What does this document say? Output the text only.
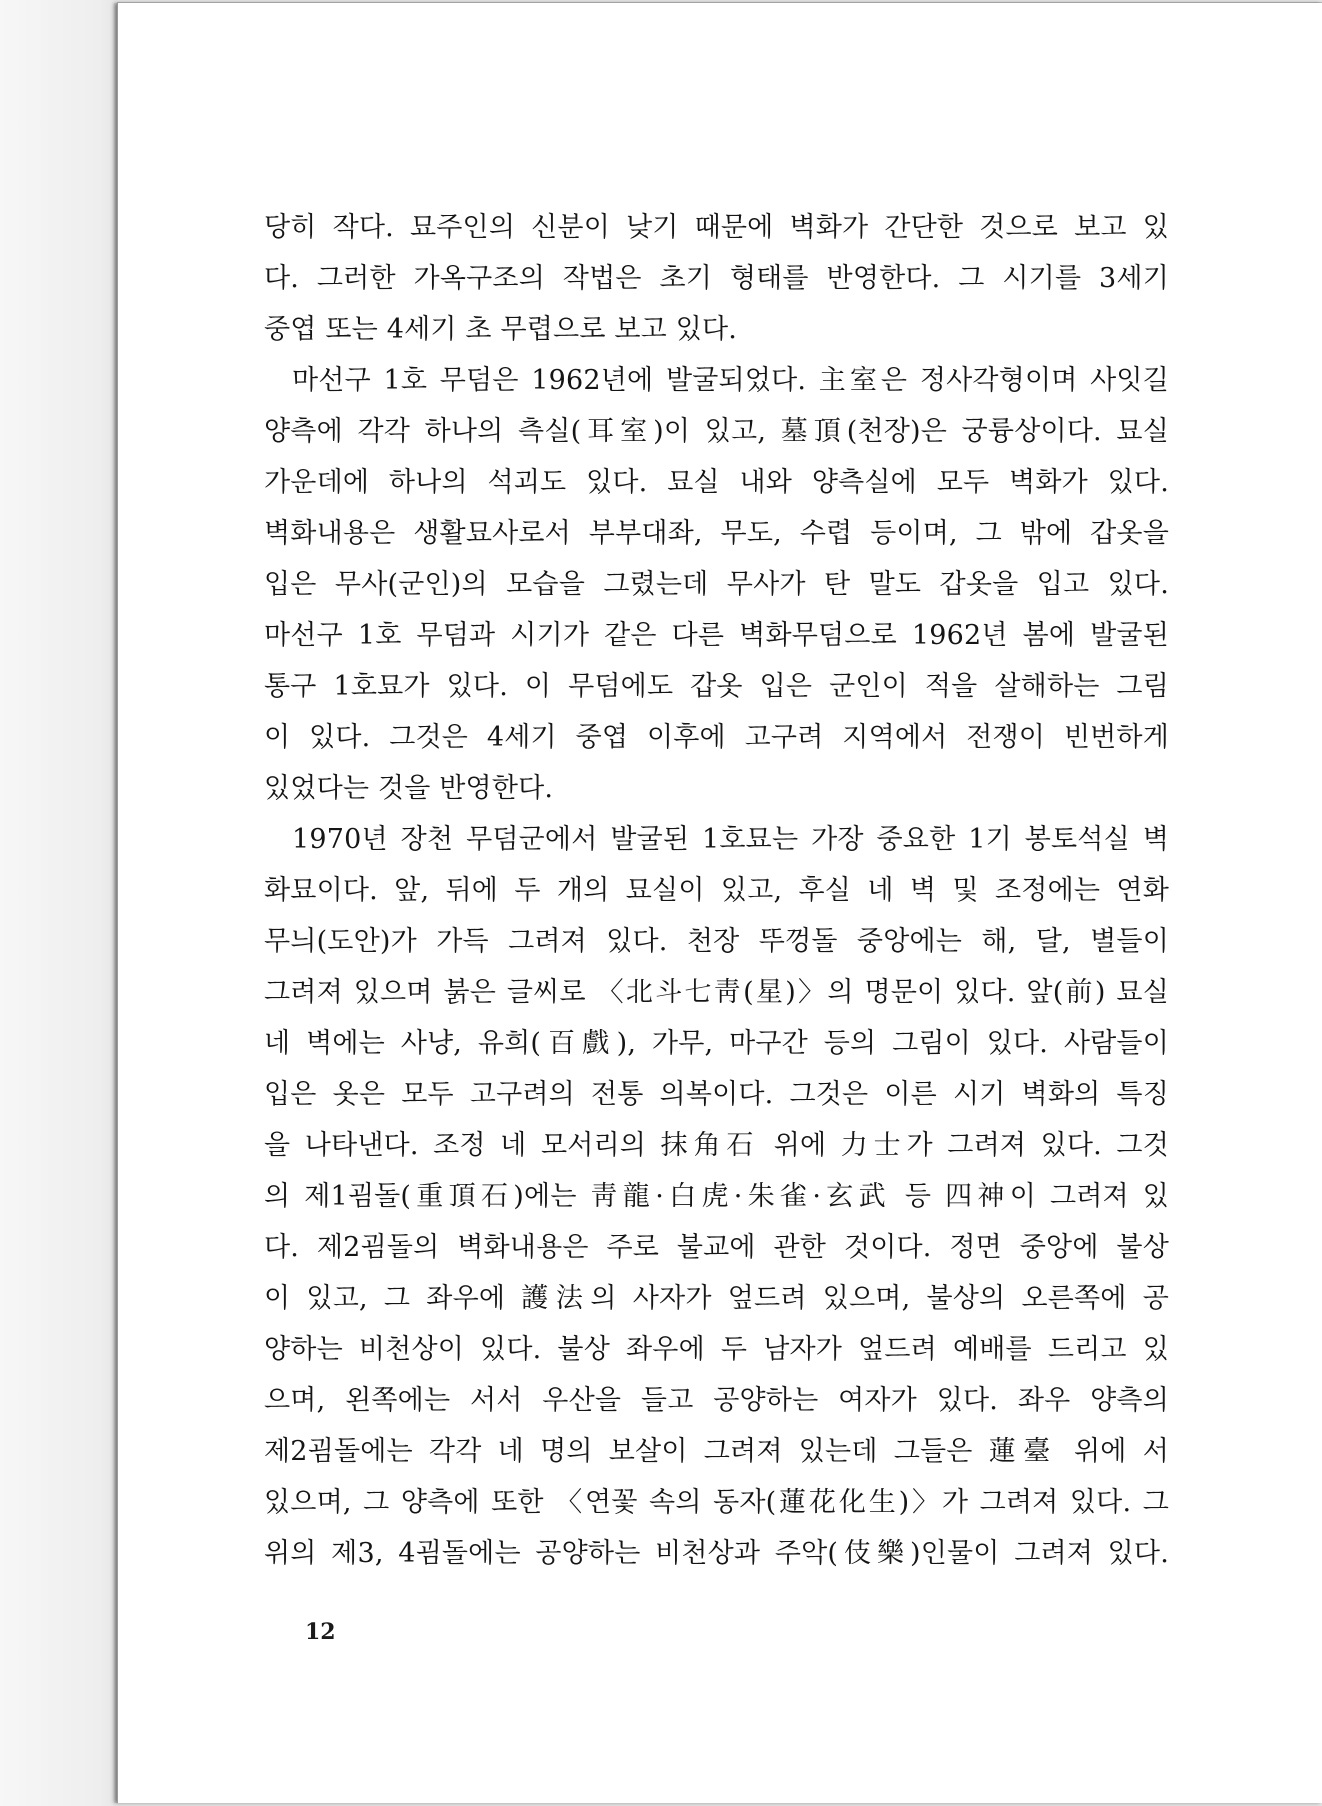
당히 작다. 묘주인의 신분이 낮기 때문에 벽화가 간단한 것으로 보고 있
다. 그러한 가옥구조의 작법은 초기 형태를 반영한다. 그 시기를 3세기
중엽 또는 4세기 초 무렵으로 보고 있다.
마선구 1호 무덤은 1962년에 발굴되었다. 主室은 정사각형이며 사잇길
양측에 각각 하나의 측실(耳室)이 있고, 墓頂(천장)은 궁륭상이다. 묘실
가운데에 하나의 석괴도 있다. 묘실 내와 양측실에 모두 벽화가 있다.
벽화내용은 생활묘사로서 부부대좌, 무도, 수렵 등이며, 그 밖에 갑옷을
입은 무사(군인)의 모습을 그렸는데 무사가 탄 말도 갑옷을 입고 있다.
마선구 1호 무덤과 시기가 같은 다른 벽화무덤으로 1962년 봄에 발굴된
통구 1호묘가 있다. 이 무덤에도 갑옷 입은 군인이 적을 살해하는 그림
이 있다. 그것은 4세기 중엽 이후에 고구려 지역에서 전쟁이 빈번하게
있었다는 것을 반영한다.
1970년 장천 무덤군에서 발굴된 1호묘는 가장 중요한 1기 봉토석실 벽
화묘이다. 앞, 뒤에 두 개의 묘실이 있고, 후실 네 벽 및 조정에는 연화
무늬(도안)가 가득 그려져 있다. 천장 뚜껑돌 중앙에는 해, 달, 별들이
그려져 있으며 붉은 글씨로 〈北斗七靑(星)〉의 명문이 있다. 앞(前) 묘실
네 벽에는 사냥, 유희(百戲), 가무, 마구간 등의 그림이 있다. 사람들이
입은 옷은 모두 고구려의 전통 의복이다. 그것은 이른 시기 벽화의 특징
을 나타낸다. 조정 네 모서리의 抹角石 위에 力士가 그려져 있다. 그것
의 제1굄돌(重頂石)에는 靑龍·白虎·朱雀·玄武 등 四神이 그려져 있
다. 제2굄돌의 벽화내용은 주로 불교에 관한 것이다. 정면 중앙에 불상
이 있고, 그 좌우에 護法의 사자가 엎드려 있으며, 불상의 오른쪽에 공
양하는 비천상이 있다. 불상 좌우에 두 남자가 엎드려 예배를 드리고 있
으며, 왼쪽에는 서서 우산을 들고 공양하는 여자가 있다. 좌우 양측의
제2굄돌에는 각각 네 명의 보살이 그려져 있는데 그들은 蓮臺 위에 서
있으며, 그 양측에 또한 〈연꽃 속의 동자(蓮花化生)〉가 그려져 있다. 그
위의 제3, 4굄돌에는 공양하는 비천상과 주악(伎樂)인물이 그려져 있다.
12
